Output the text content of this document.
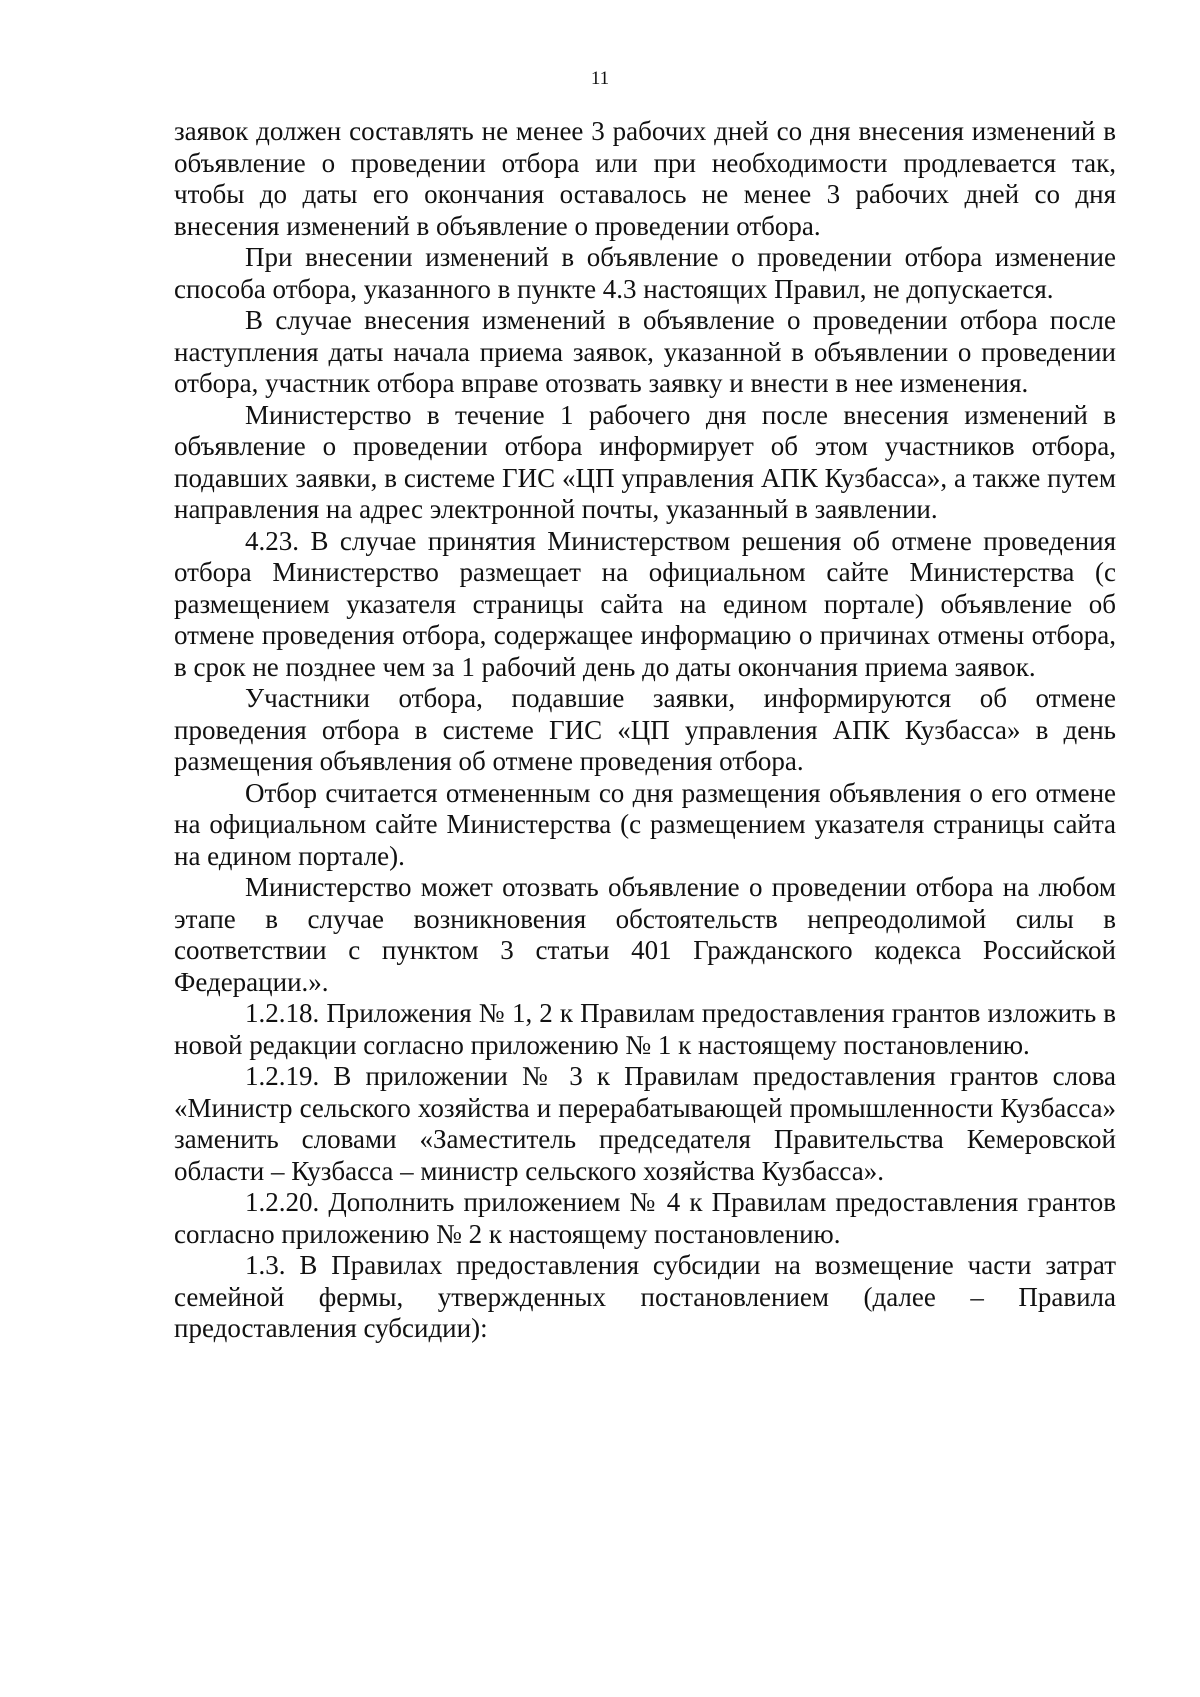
11

заявок должен составлять не менее 3 рабочих дней со дня внесения изменений в объявление о проведении отбора или при необходимости продлевается так, чтобы до даты его окончания оставалось не менее 3 рабочих дней со дня внесения изменений в объявление о проведении отбора.

При внесении изменений в объявление о проведении отбора изменение способа отбора, указанного в пункте 4.3 настоящих Правил, не допускается.

В случае внесения изменений в объявление о проведении отбора после наступления даты начала приема заявок, указанной в объявлении о проведении отбора, участник отбора вправе отозвать заявку и внести в нее изменения.

Министерство в течение 1 рабочего дня после внесения изменений в объявление о проведении отбора информирует об этом участников отбора, подавших заявки, в системе ГИС «ЦП управления АПК Кузбасса», а также путем направления на адрес электронной почты, указанный в заявлении.

4.23. В случае принятия Министерством решения об отмене проведения отбора Министерство размещает на официальном сайте Министерства (с размещением указателя страницы сайта на едином портале) объявление об отмене проведения отбора, содержащее информацию о причинах отмены отбора, в срок не позднее чем за 1 рабочий день до даты окончания приема заявок.

Участники отбора, подавшие заявки, информируются об отмене проведения отбора в системе ГИС «ЦП управления АПК Кузбасса» в день размещения объявления об отмене проведения отбора.

Отбор считается отмененным со дня размещения объявления о его отмене на официальном сайте Министерства (с размещением указателя страницы сайта на едином портале).

Министерство может отозвать объявление о проведении отбора на любом этапе в случае возникновения обстоятельств непреодолимой силы в соответствии с пунктом 3 статьи 401 Гражданского кодекса Российской Федерации.».

1.2.18. Приложения № 1, 2 к Правилам предоставления грантов изложить в новой редакции согласно приложению № 1 к настоящему постановлению.

1.2.19. В приложении № 3 к Правилам предоставления грантов слова «Министр сельского хозяйства и перерабатывающей промышленности Кузбасса» заменить словами «Заместитель председателя Правительства Кемеровской области – Кузбасса – министр сельского хозяйства Кузбасса».

1.2.20. Дополнить приложением № 4 к Правилам предоставления грантов согласно приложению № 2 к настоящему постановлению.

1.3. В Правилах предоставления субсидии на возмещение части затрат семейной фермы, утвержденных постановлением (далее – Правила предоставления субсидии):
